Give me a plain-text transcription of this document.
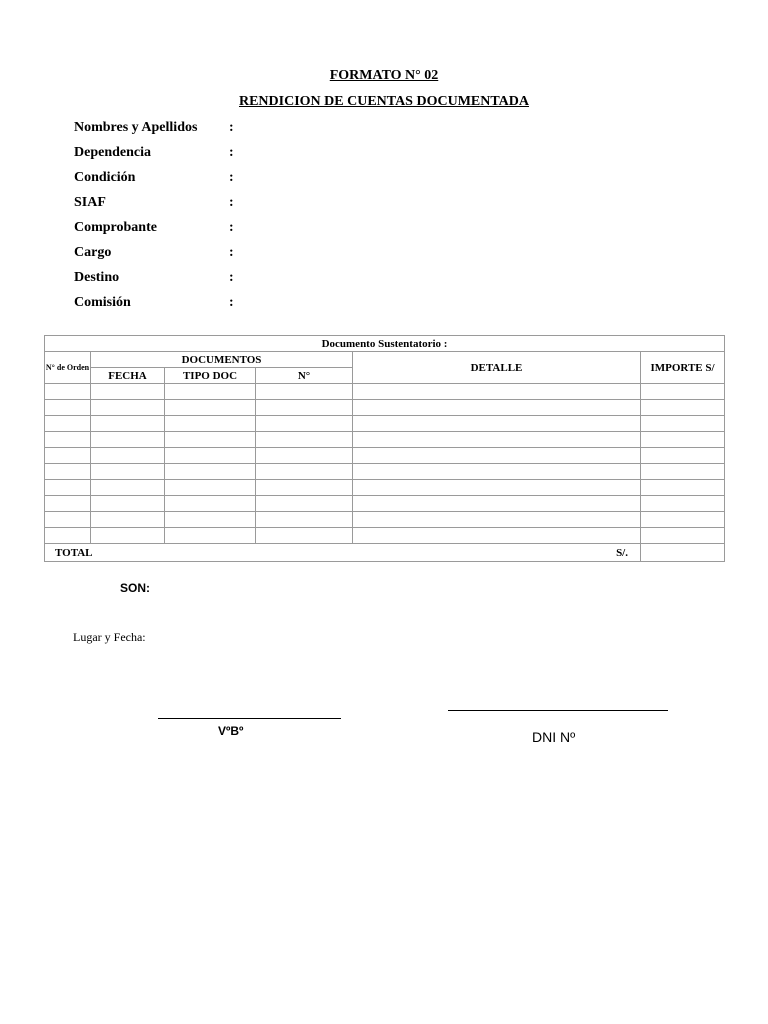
FORMATO N° 02
RENDICION DE CUENTAS DOCUMENTADA
Nombres y Apellidos :
Dependencia	:
Condición	:
SIAF	:
Comprobante	:
Cargo	:
Destino	:
Comisión	:
Documento Sustentatorio :					
N° de Orden	DOCUMENTOS			DETALLE	IMPORTE S/
	FECHA	TIPO DOC	N°		

TOTAL				S/.	
SON:
Lugar y Fecha:
VºBº	DNI Nº
